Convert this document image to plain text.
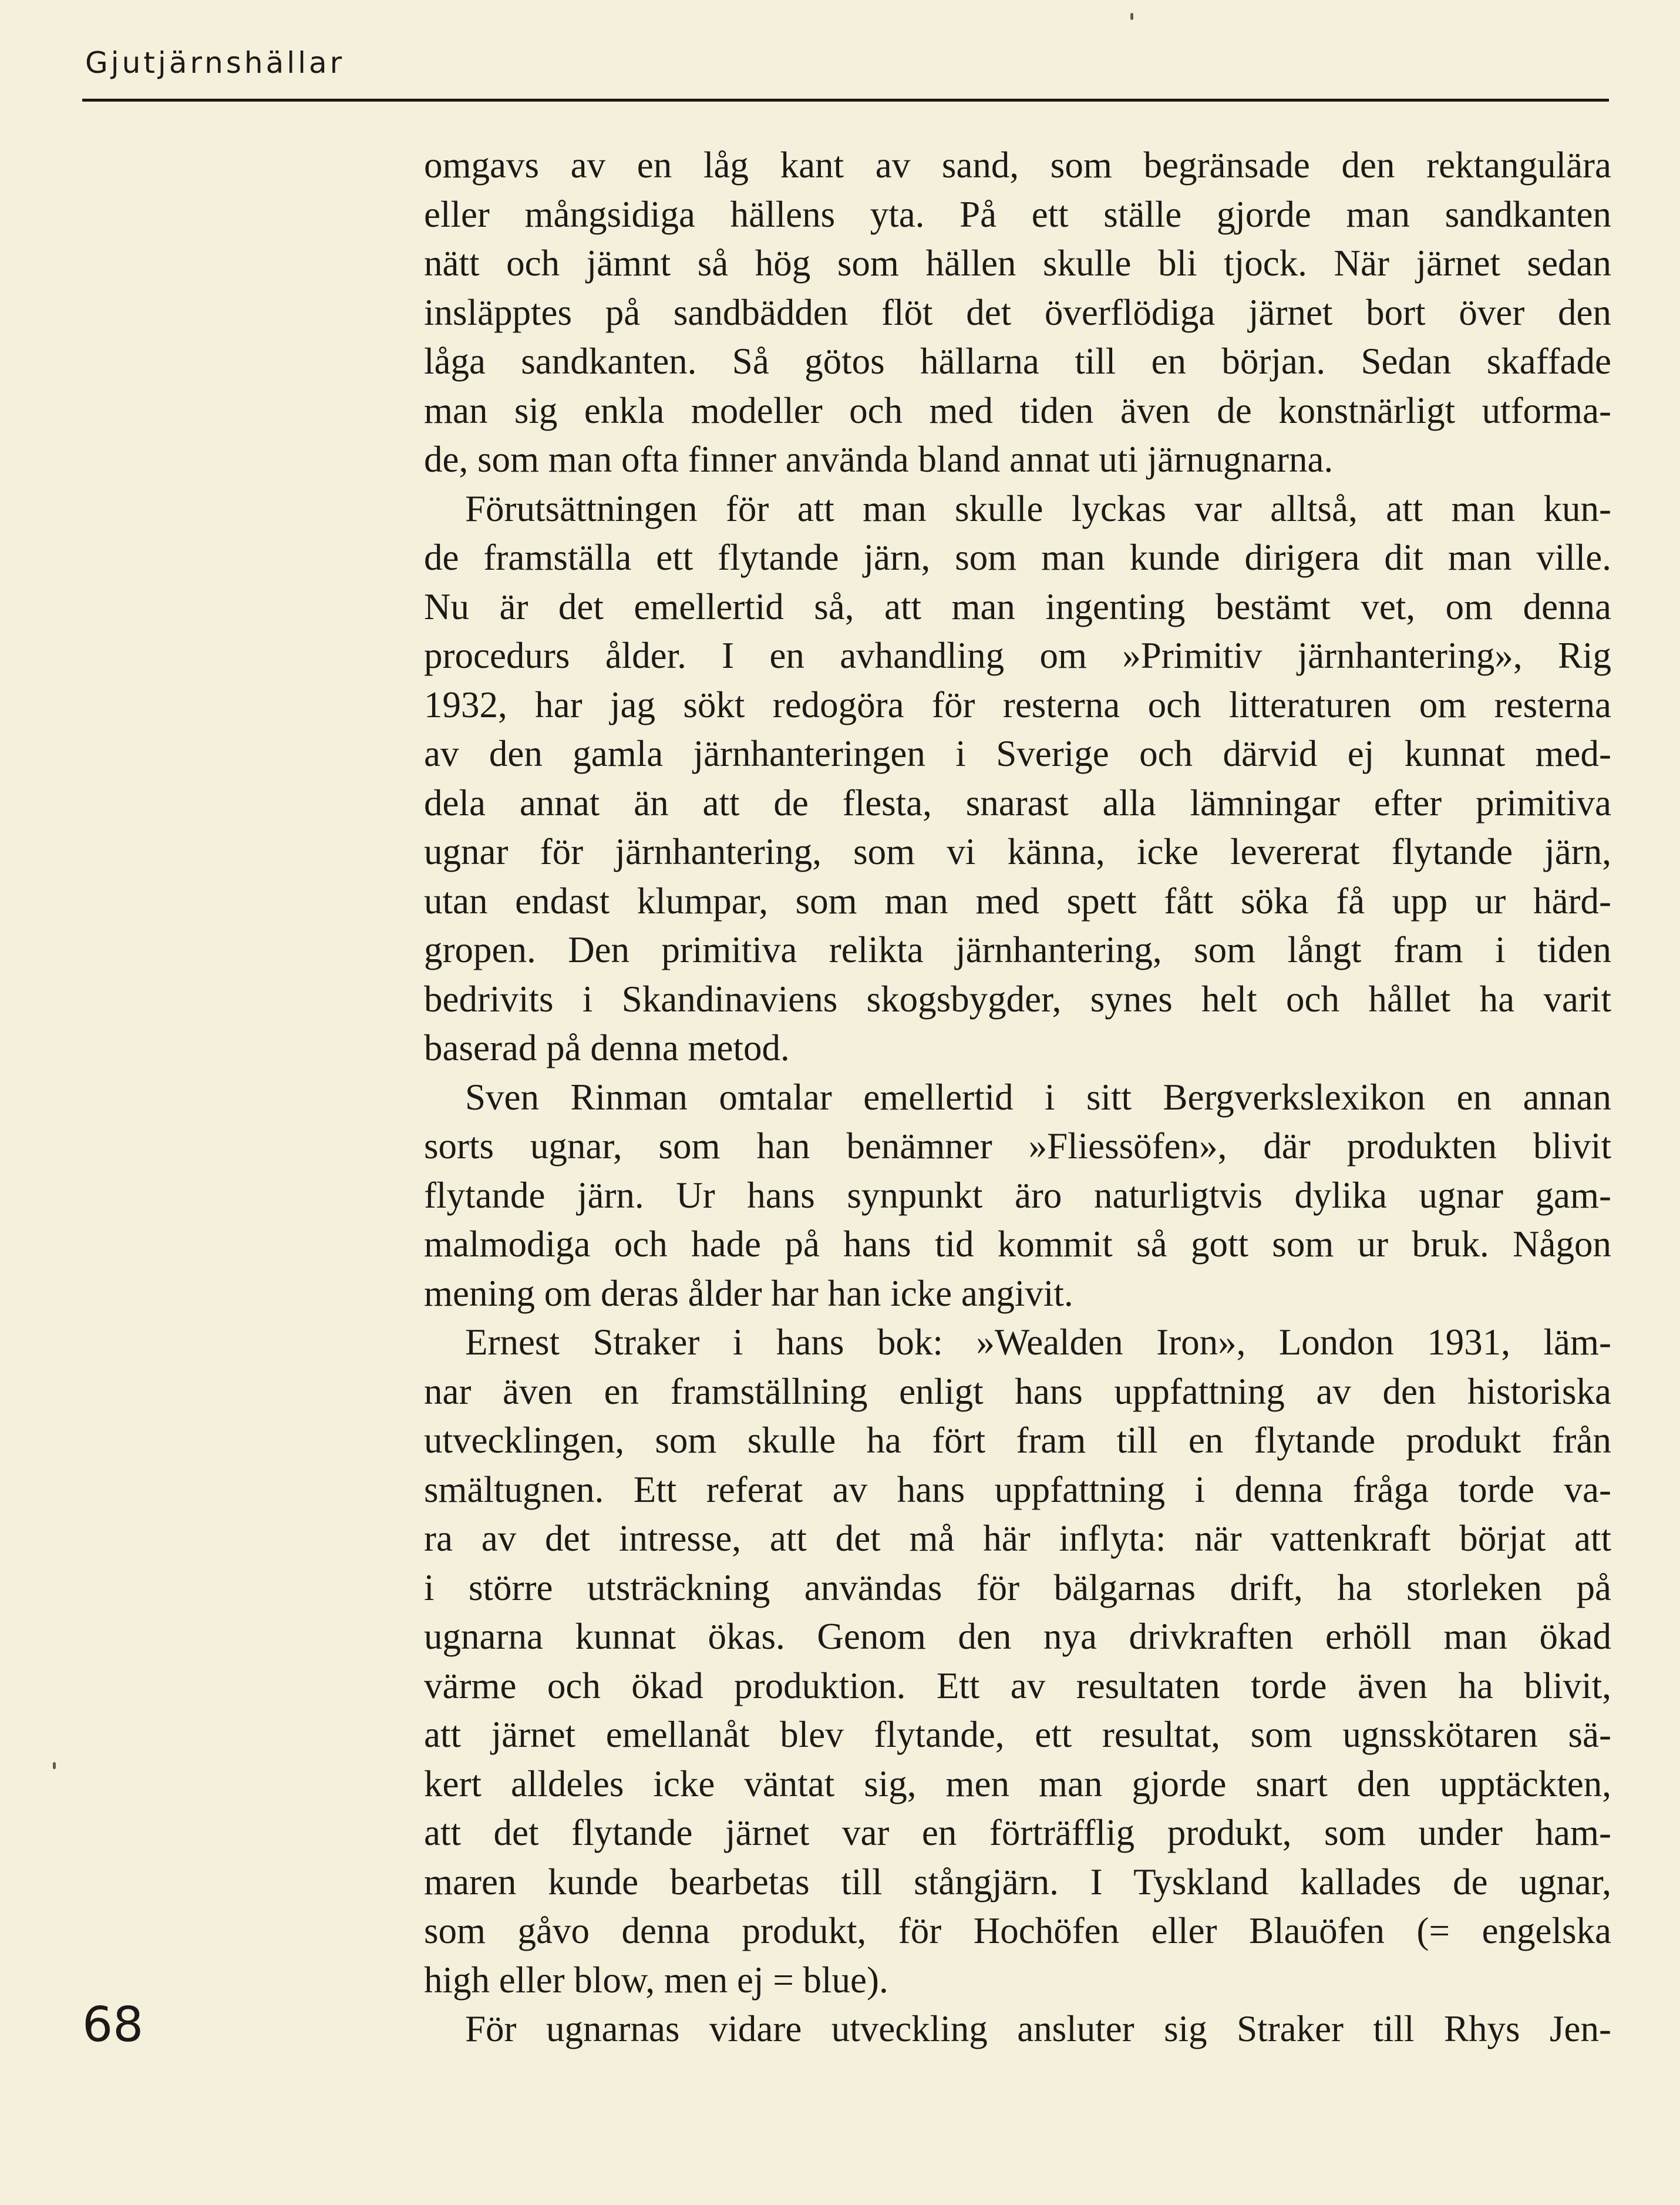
Gjutjärnshällar
omgavs av en låg kant av sand, som begränsade den rektangulära
eller mångsidiga hällens yta. På ett ställe gjorde man sandkanten
nätt och jämnt så hög som hällen skulle bli tjock. När järnet sedan
insläpptes på sandbädden flöt det överflödiga järnet bort över den
låga sandkanten. Så götos hällarna till en början. Sedan skaffade
man sig enkla modeller och med tiden även de konstnärligt utforma-
de, som man ofta finner använda bland annat uti järnugnarna.
Förutsättningen för att man skulle lyckas var alltså, att man kun-
de framställa ett flytande järn, som man kunde dirigera dit man ville.
Nu är det emellertid så, att man ingenting bestämt vet, om denna
procedurs ålder. I en avhandling om »Primitiv järnhantering», Rig
1932, har jag sökt redogöra för resterna och litteraturen om resterna
av den gamla järnhanteringen i Sverige och därvid ej kunnat med-
dela annat än att de flesta, snarast alla lämningar efter primitiva
ugnar för järnhantering, som vi känna, icke levererat flytande järn,
utan endast klumpar, som man med spett fått söka få upp ur härd-
gropen. Den primitiva relikta järnhantering, som långt fram i tiden
bedrivits i Skandinaviens skogsbygder, synes helt och hållet ha varit
baserad på denna metod.
Sven Rinman omtalar emellertid i sitt Bergverkslexikon en annan
sorts ugnar, som han benämner »Fliessöfen», där produkten blivit
flytande järn. Ur hans synpunkt äro naturligtvis dylika ugnar gam-
malmodiga och hade på hans tid kommit så gott som ur bruk. Någon
mening om deras ålder har han icke angivit.
Ernest Straker i hans bok: »Wealden Iron», London 1931, läm-
nar även en framställning enligt hans uppfattning av den historiska
utvecklingen, som skulle ha fört fram till en flytande produkt från
smältugnen. Ett referat av hans uppfattning i denna fråga torde va-
ra av det intresse, att det må här inflyta: när vattenkraft börjat att
i större utsträckning användas för bälgarnas drift, ha storleken på
ugnarna kunnat ökas. Genom den nya drivkraften erhöll man ökad
värme och ökad produktion. Ett av resultaten torde även ha blivit,
att järnet emellanåt blev flytande, ett resultat, som ugnsskötaren sä-
kert alldeles icke väntat sig, men man gjorde snart den upptäckten,
att det flytande järnet var en förträfflig produkt, som under ham-
maren kunde bearbetas till stångjärn. I Tyskland kallades de ugnar,
som gåvo denna produkt, för Hochöfen eller Blauöfen (= engelska
high eller blow, men ej = blue).
För ugnarnas vidare utveckling ansluter sig Straker till Rhys Jen-
68
